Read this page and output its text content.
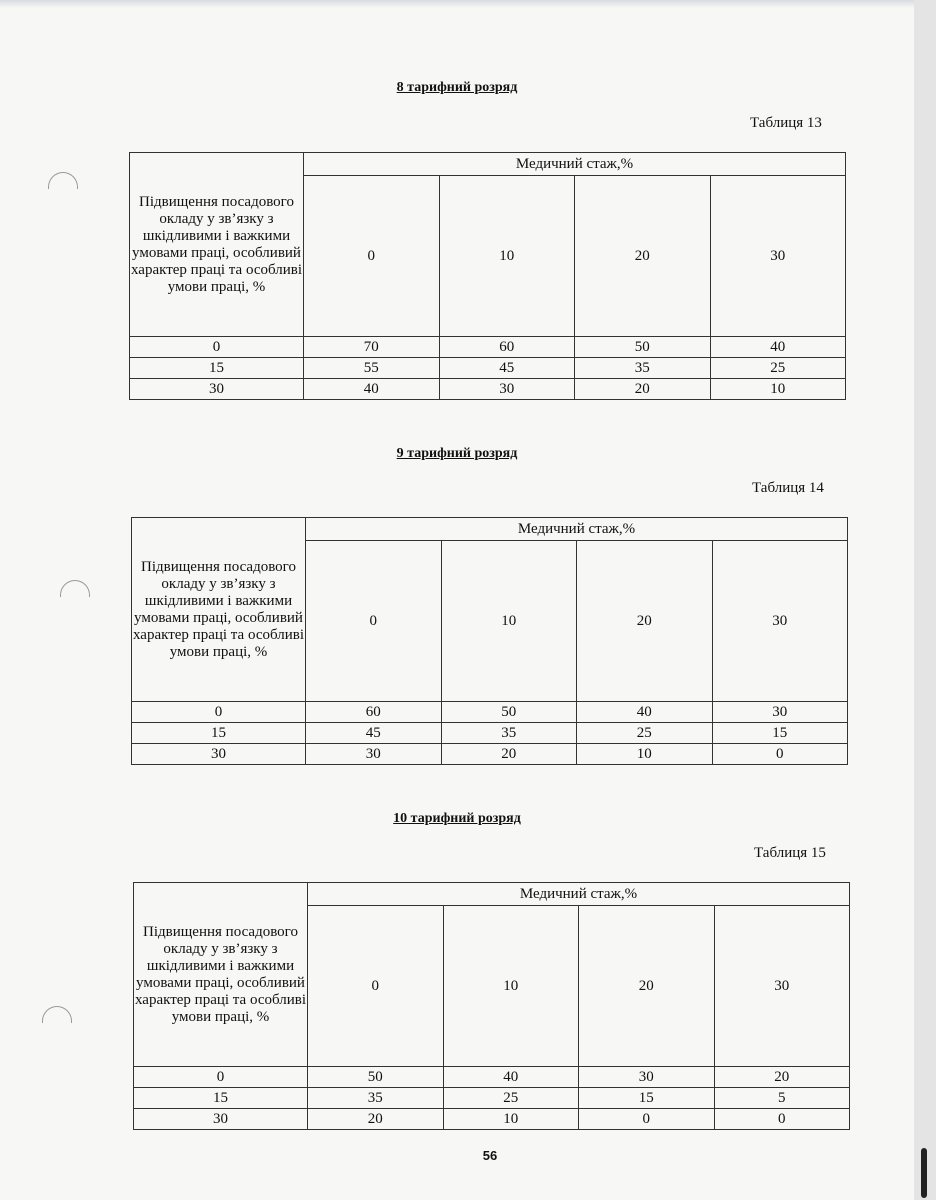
8 тарифний розряд
Таблиця 13
Підвищення посадового окладу у зв’язку з шкідливими і важкими умовами праці, особливий характер праці та особливі умови праці, %	Медичний стаж,%			
	0	10	20	30
0	70	60	50	40
15	55	45	35	25
30	40	30	20	10
9 тарифний розряд
Таблиця 14
Підвищення посадового окладу у зв’язку з шкідливими і важкими умовами праці, особливий характер праці та особливі умови праці, %	Медичний стаж,%			
	0	10	20	30
0	60	50	40	30
15	45	35	25	15
30	30	20	10	0
10 тарифний розряд
Таблиця 15
Підвищення посадового окладу у зв’язку з шкідливими і важкими умовами праці, особливий характер праці та особливі умови праці, %	Медичний стаж,%			
	0	10	20	30
0	50	40	30	20
15	35	25	15	5
30	20	10	0	0
56
